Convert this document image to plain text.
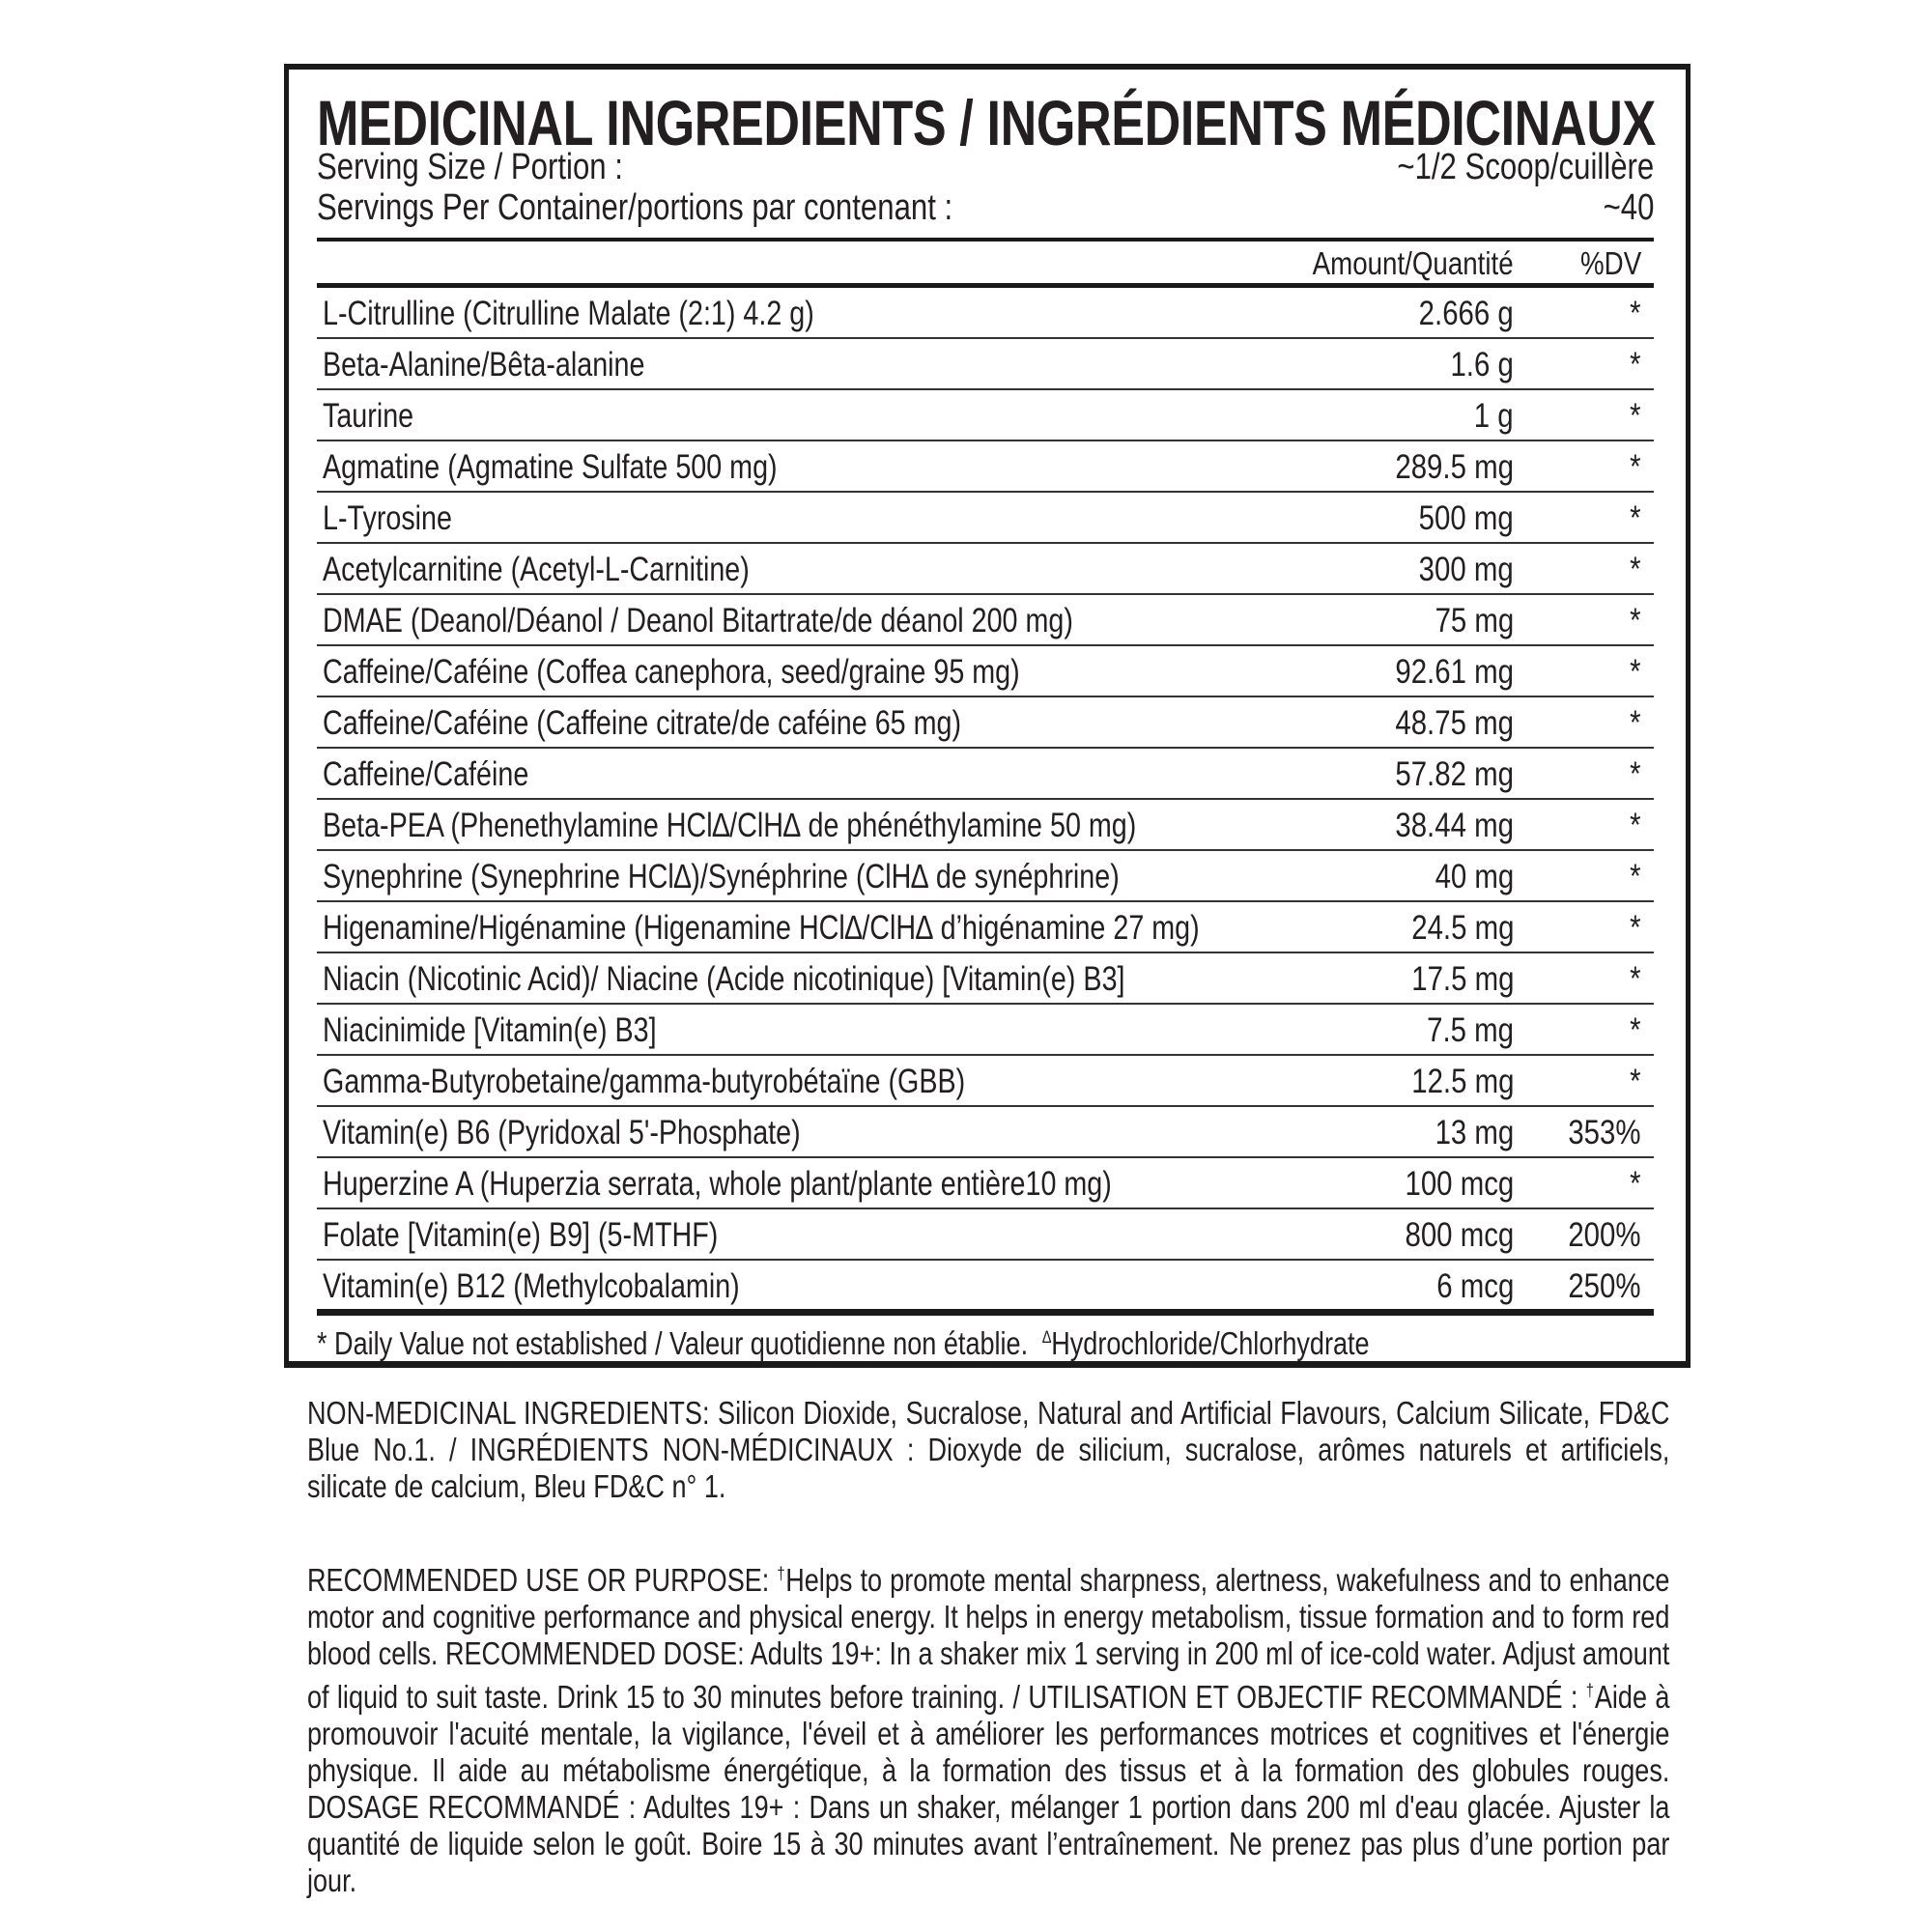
MEDICINAL INGREDIENTS / INGRÉDIENTS MÉDICINAUX
Serving Size / Portion :	~1/2 Scoop/cuillère
Servings Per Container/portions par contenant :	~40
Amount/Quantité %DV
L-Citrulline (Citrulline Malate (2:1) 4.2 g)	2.666 g	*
Beta-Alanine/Bêta-alanine	1.6 g	*
Taurine	1 g	*
Agmatine (Agmatine Sulfate 500 mg)	289.5 mg	*
L-Tyrosine	500 mg	*
Acetylcarnitine (Acetyl-L-Carnitine)	300 mg	*
DMAE (Deanol/Déanol / Deanol Bitartrate/de déanol 200 mg)	75 mg	*
Caffeine/Caféine (Coffea canephora, seed/graine 95 mg)	92.61 mg	*
Caffeine/Caféine (Caffeine citrate/de caféine 65 mg)	48.75 mg	*
Caffeine/Caféine	57.82 mg	*
Beta-PEA (Phenethylamine HCl∆/ClH∆ de phénéthylamine 50 mg)	38.44 mg	*
Synephrine (Synephrine HCl∆)/Synéphrine (ClH∆ de synéphrine)	40 mg	*
Higenamine/Higénamine (Higenamine HCl∆/ClH∆ d’higénamine 27 mg)	24.5 mg	*
Niacin (Nicotinic Acid)/ Niacine (Acide nicotinique) [Vitamin(e) B3]	17.5 mg	*
Niacinimide [Vitamin(e) B3]	7.5 mg	*
Gamma-Butyrobetaine/gamma-butyrobétaïne (GBB)	12.5 mg	*
Vitamin(e) B6 (Pyridoxal 5'-Phosphate)	13 mg 353%
Huperzine A (Huperzia serrata, whole plant/plante entière10 mg)	100 mcg	*
Folate [Vitamin(e) B9] (5-MTHF)	800 mcg 200%
Vitamin(e) B12 (Methylcobalamin)	6 mcg 250%
* Daily Value not established / Valeur quotidienne non établie. ∆Hydrochloride/Chlorhydrate
NON-MEDICINAL INGREDIENTS: Silicon Dioxide, Sucralose, Natural and Artificial Flavours, Calcium Silicate, FD&C Blue No.1. / INGRÉDIENTS NON-MÉDICINAUX : Dioxyde de silicium, sucralose, arômes naturels et artificiels, silicate de calcium, Bleu FD&C n° 1.
RECOMMENDED USE OR PURPOSE: †Helps to promote mental sharpness, alertness, wakefulness and to enhance motor and cognitive performance and physical energy. It helps in energy metabolism, tissue formation and to form red blood cells. RECOMMENDED DOSE: Adults 19+: In a shaker mix 1 serving in 200 ml of ice-cold water. Adjust amount of liquid to suit taste. Drink 15 to 30 minutes before training. / UTILISATION ET OBJECTIF RECOMMANDÉ : †Aide à promouvoir l'acuité mentale, la vigilance, l'éveil et à améliorer les performances motrices et cognitives et l'énergie physique. Il aide au métabolisme énergétique, à la formation des tissus et à la formation des globules rouges. DOSAGE RECOMMANDÉ : Adultes 19+ : Dans un shaker, mélanger 1 portion dans 200 ml d'eau glacée. Ajuster la quantité de liquide selon le goût. Boire 15 à 30 minutes avant l’entraînement. Ne prenez pas plus d’une portion par jour.
